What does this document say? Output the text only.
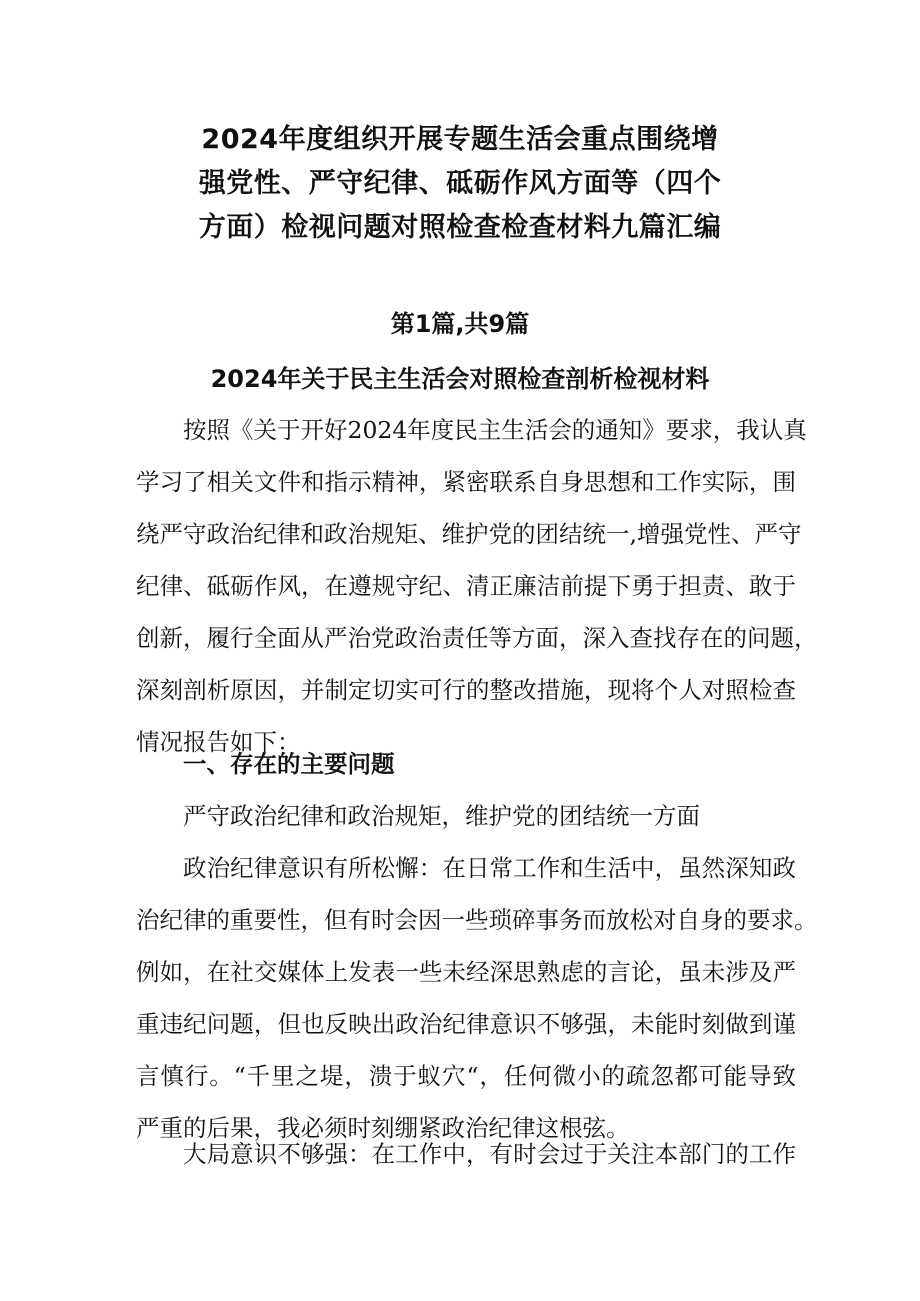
2024年度组织开展专题生活会重点围绕增
强党性、严守纪律、砥砺作风方面等（四个
方面）检视问题对照检查检查材料九篇汇编
第1篇,共9篇
2024年关于民主生活会对照检查剖析检视材料
按照《关于开好2024年度民主生活会的通知》要求，我认真
学习了相关文件和指示精神，紧密联系自身思想和工作实际，围
绕严守政治纪律和政治规矩、维护党的团结统一,增强党性、严守
纪律、砥砺作风，在遵规守纪、清正廉洁前提下勇于担责、敢于
创新，履行全面从严治党政治责任等方面，深入查找存在的问题，
深刻剖析原因，并制定切实可行的整改措施，现将个人对照检查
情况报告如下：
一、存在的主要问题
严守政治纪律和政治规矩，维护党的团结统一方面
政治纪律意识有所松懈：在日常工作和生活中，虽然深知政
治纪律的重要性，但有时会因一些琐碎事务而放松对自身的要求。
例如，在社交媒体上发表一些未经深思熟虑的言论，虽未涉及严
重违纪问题，但也反映出政治纪律意识不够强，未能时刻做到谨
言慎行。“千里之堤，溃于蚁穴“，任何微小的疏忽都可能导致
严重的后果，我必须时刻绷紧政治纪律这根弦。
大局意识不够强：在工作中，有时会过于关注本部门的工作
